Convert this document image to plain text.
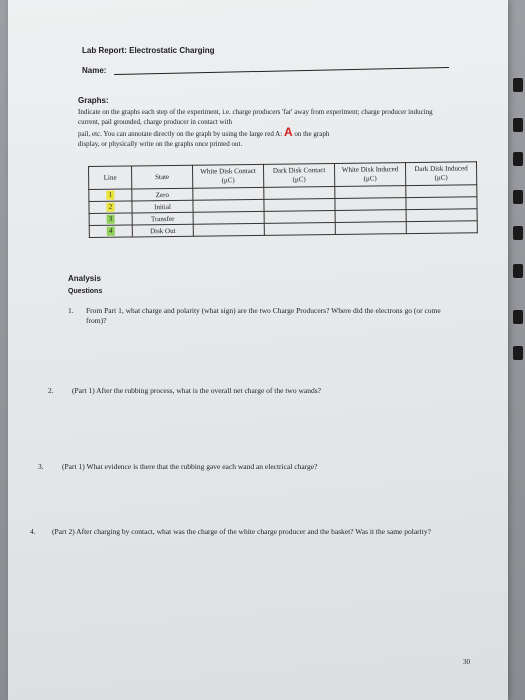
Lab Report: Electrostatic Charging
Name:
Graphs:
Indicate on the graphs each step of the experiment, i.e. charge producers 'far' away from experiment; charge producer inducing current, pail grounded, charge producer in contact with
pail, etc. You can annotate directly on the graph by using the large red A: A on the graph
display, or physically write on the graphs once printed out.
Line	State	White Disk Contact (μC)	Dark Disk Contact (μC)	White Disk Induced (μC)	Dark Disk Induced (μC)
1	Zero				
2	Initial				
3	Transfer				
4	Disk Out				
Analysis
Questions
1. From Part 1, what charge and polarity (what sign) are the two Charge Producers? Where did the electrons go (or come from)?
2. (Part 1) After the rubbing process, what is the overall net charge of the two wands?
3. (Part 1) What evidence is there that the rubbing gave each wand an electrical charge?
4. (Part 2) After charging by contact, what was the charge of the white charge producer and the basket? Was it the same polarity?
30
